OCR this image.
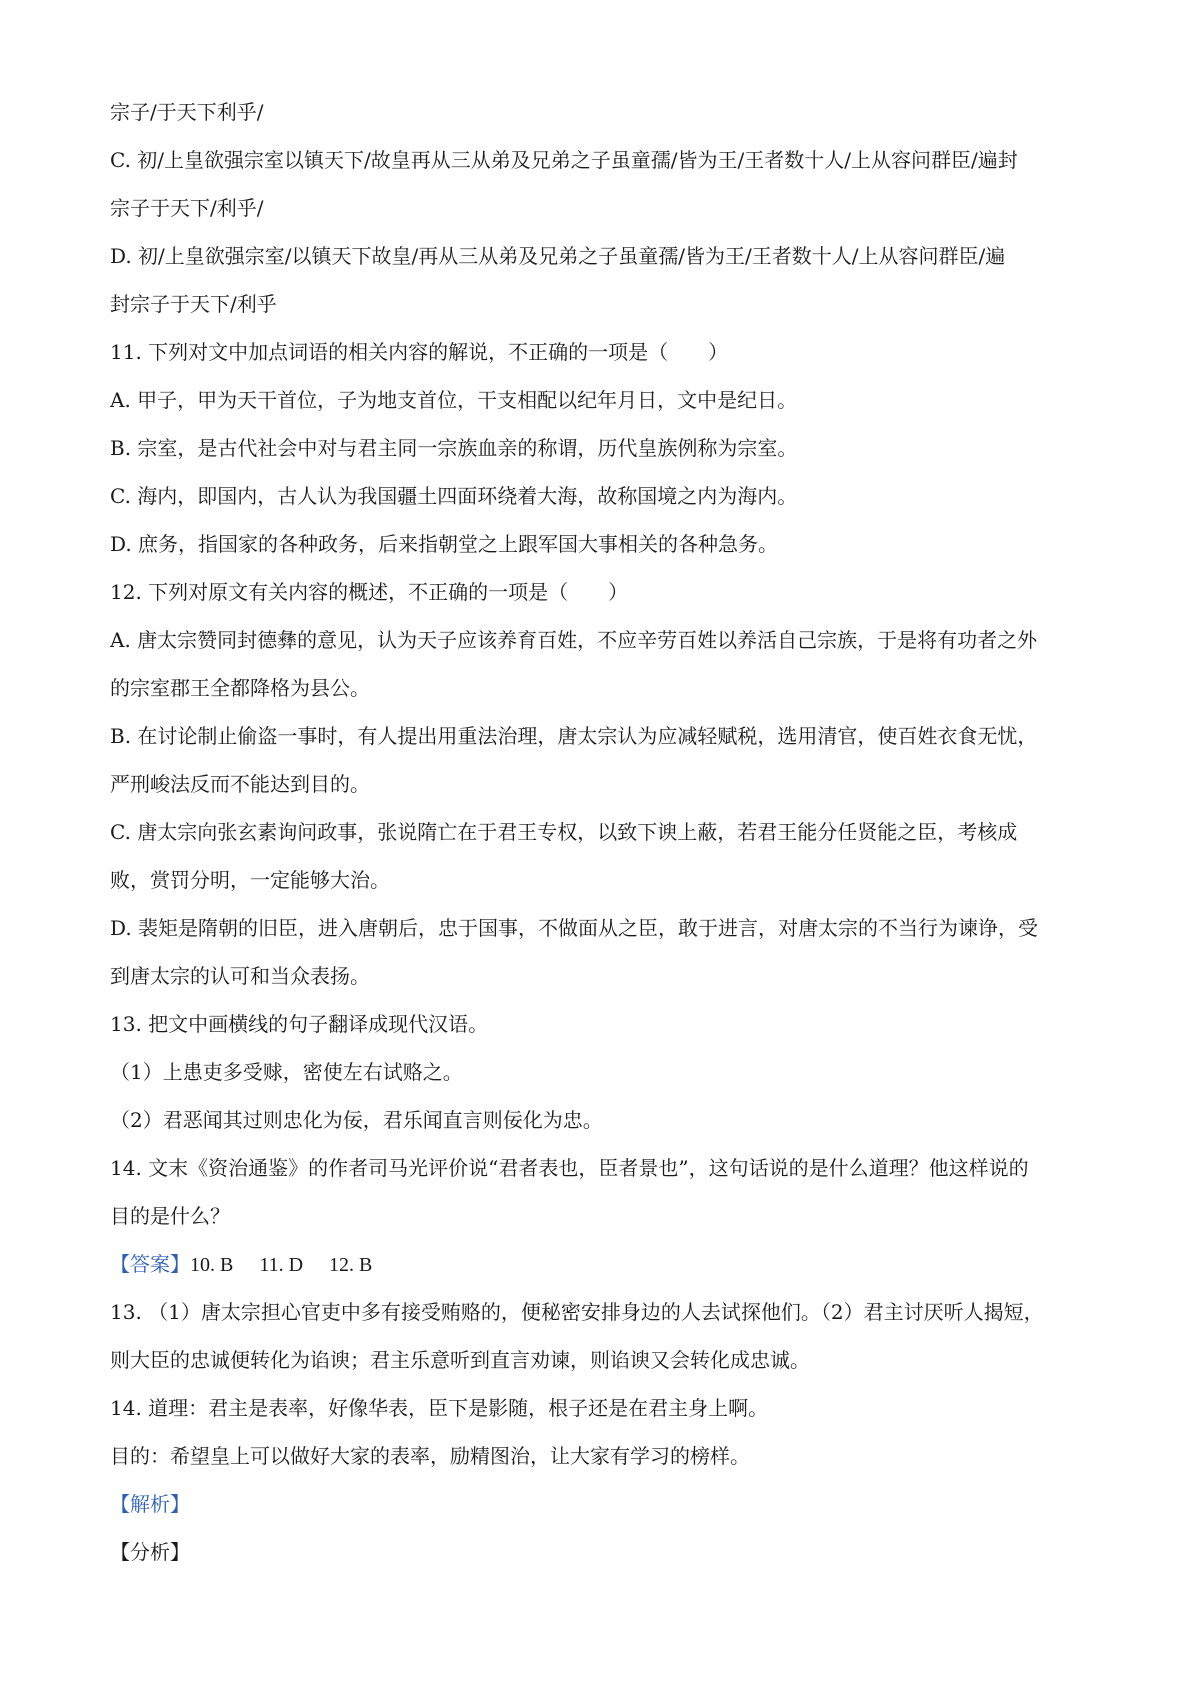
宗子/于天下利乎/
C. 初/上皇欲强宗室以镇天下/故皇再从三从弟及兄弟之子虽童孺/皆为王/王者数十人/上从容问群臣/遍封
宗子于天下/利乎/
D. 初/上皇欲强宗室/以镇天下故皇/再从三从弟及兄弟之子虽童孺/皆为王/王者数十人/上从容问群臣/遍
封宗子于天下/利乎
11. 下列对文中加点词语的相关内容的解说，不正确的一项是（　　）
A. 甲子，甲为天干首位，子为地支首位，干支相配以纪年月日，文中是纪日。
B. 宗室，是古代社会中对与君主同一宗族血亲的称谓，历代皇族例称为宗室。
C. 海内，即国内，古人认为我国疆土四面环绕着大海，故称国境之内为海内。
D. 庶务，指国家的各种政务，后来指朝堂之上跟军国大事相关的各种急务。
12. 下列对原文有关内容的概述，不正确的一项是（　　）
A. 唐太宗赞同封德彝的意见，认为天子应该养育百姓，不应辛劳百姓以养活自己宗族，于是将有功者之外
的宗室郡王全都降格为县公。
B. 在讨论制止偷盗一事时，有人提出用重法治理，唐太宗认为应减轻赋税，选用清官，使百姓衣食无忧，
严刑峻法反而不能达到目的。
C. 唐太宗向张玄素询问政事，张说隋亡在于君王专权，以致下谀上蔽，若君王能分任贤能之臣，考核成
败，赏罚分明，一定能够大治。
D. 裴矩是隋朝的旧臣，进入唐朝后，忠于国事，不做面从之臣，敢于进言，对唐太宗的不当行为谏诤，受
到唐太宗的认可和当众表扬。
13. 把文中画横线的句子翻译成现代汉语。
（1）上患吏多受赇，密使左右试赂之。
（2）君恶闻其过则忠化为佞，君乐闻直言则佞化为忠。
14. 文末《资治通鉴》的作者司马光评价说“君者表也，臣者景也”，这句话说的是什么道理？他这样说的
目的是什么？
【答案】10. B 11. D 12. B
13. （1）唐太宗担心官吏中多有接受贿赂的，便秘密安排身边的人去试探他们。（2）君主讨厌听人揭短，
则大臣的忠诚便转化为谄谀；君主乐意听到直言劝谏，则谄谀又会转化成忠诚。
14. 道理：君主是表率，好像华表，臣下是影随，根子还是在君主身上啊。
目的：希望皇上可以做好大家的表率，励精图治，让大家有学习的榜样。
【解析】
【分析】
